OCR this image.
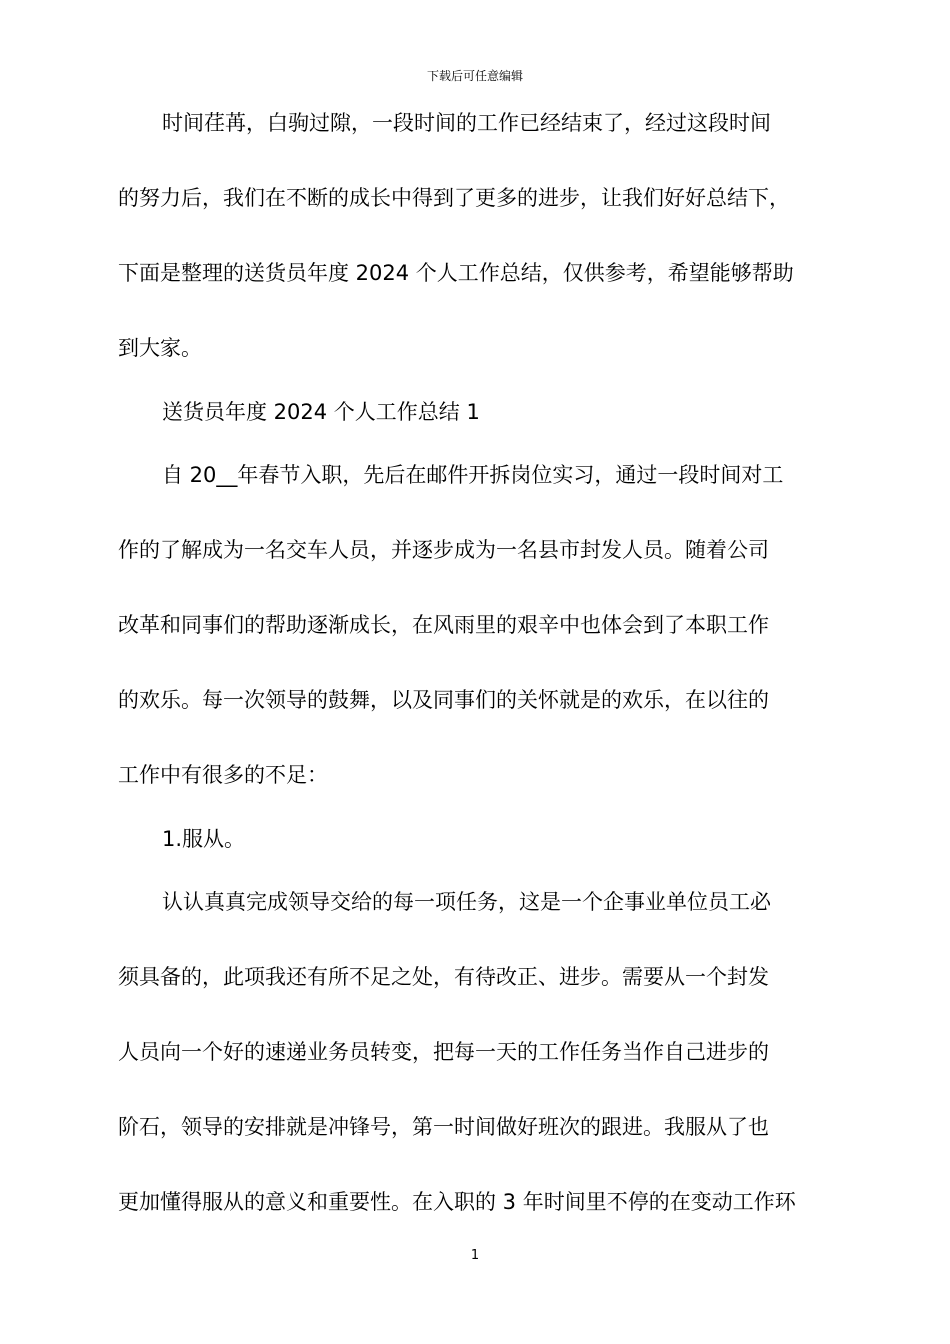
下载后可任意编辑
时间荏苒，白驹过隙，一段时间的工作已经结束了，经过这段时间
的努力后，我们在不断的成长中得到了更多的进步，让我们好好总结下，
下面是整理的送货员年度 2024 个人工作总结，仅供参考，希望能够帮助
到大家。
送货员年度 2024 个人工作总结 1
自 20__年春节入职，先后在邮件开拆岗位实习，通过一段时间对工
作的了解成为一名交车人员，并逐步成为一名县市封发人员。随着公司
改革和同事们的帮助逐渐成长，在风雨里的艰辛中也体会到了本职工作
的欢乐。每一次领导的鼓舞，以及同事们的关怀就是的欢乐，在以往的
工作中有很多的不足：
1.服从。
认认真真完成领导交给的每一项任务，这是一个企事业单位员工必
须具备的，此项我还有所不足之处，有待改正、进步。需要从一个封发
人员向一个好的速递业务员转变，把每一天的工作任务当作自己进步的
阶石，领导的安排就是冲锋号，第一时间做好班次的跟进。我服从了也
更加懂得服从的意义和重要性。在入职的 3 年时间里不停的在变动工作环
1
